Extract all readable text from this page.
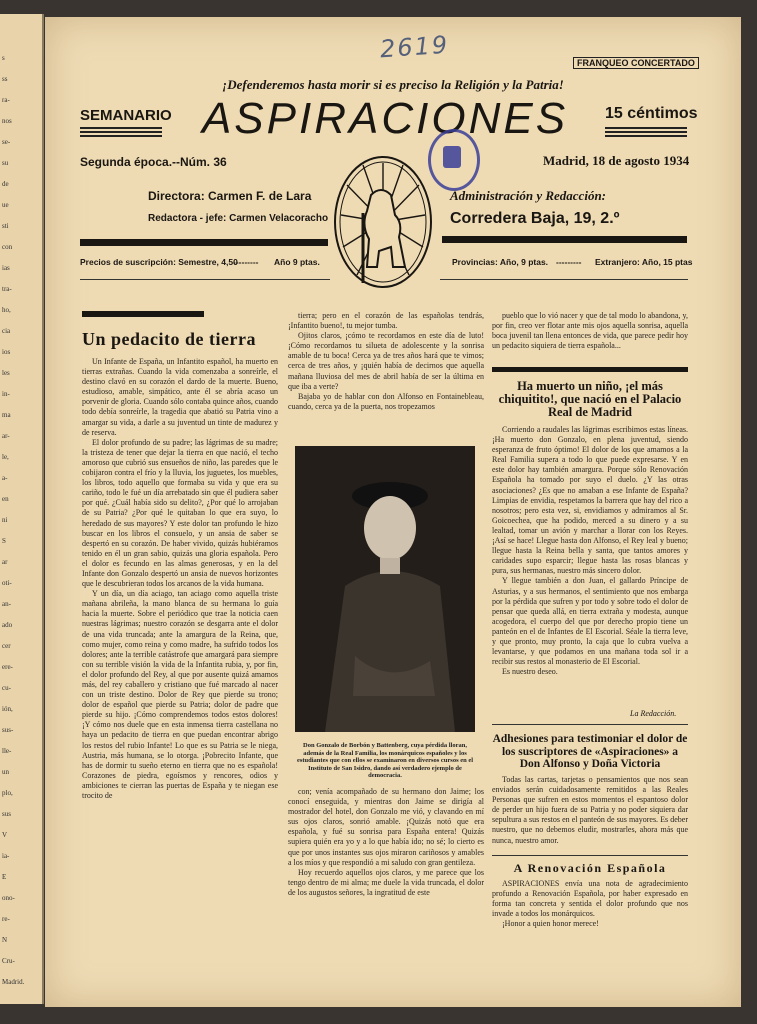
s
ss
ra-
nos
se-
su
de
ue
sti
con
ias
tra-
ho,
cia
ios
les
in-
ma
ar-
le,
a-
en
ni
S
ar
oti-
an-
ado
cer
ere-
cu-
ión,
sus-
lle-
un
plo,
sus
V
ia-
E
ono-
re-
N
Cru-
Madrid.
2619	FRANQUEO CONCERTADO
¡Defenderemos hasta morir si es preciso la Religión y la Patria!
SEMANARIO ASPIRACIONES	15 céntimos
Segunda época.--Núm. 36	Madrid, 18 de agosto 1934
Directora: Carmen F. de Lara
Redactora - jefe: Carmen Velacoracho
Administración y Redacción:
Corredera Baja, 19, 2.º
Precios de suscripción: Semestre, 4,50
--------- Año 9 ptas.	Provincias: Año, 9 ptas. --------- Extranjero: Año, 15 ptas
Un pedacito de tierra

Un Infante de España, un Infantito español, ha muerto en tierras extrañas. Cuando la vida comenzaba a sonreírle, el destino clavó en su corazón el dardo de la muerte. Bueno, estudioso, amable, simpático, ante él se abría acaso un porvenir de gloria. Cuando sólo contaba quince años, cuando todo debía sonreírle, la tragedia que abatió su Patria vino a amargar su vida, a darle a su juventud un tinte de madurez y de reserva.

El dolor profundo de su padre; las lágrimas de su madre; la tristeza de tener que dejar la tierra en que nació, el techo amoroso que cubrió sus ensueños de niño, las paredes que le cobijaron contra el frío y la lluvia, los juguetes, los muebles, los libros, todo aquello que formaba su vida y que era su cariño, todo le fué un día arrebatado sin que él pudiera saber por qué. ¿Cuál había sido su delito?, ¿Por qué lo arrojaban de su Patria? ¿Por qué le quitaban lo que era suyo, lo heredado de sus mayores? Y este dolor tan profundo le hizo buscar en los libros el consuelo, y un ansia de saber se despertó en su corazón. De haber vivido, quizás hubiéramos tenido en él un gran sabio, quizás una gloria española. Pero el dolor es fecundo en las almas generosas, y en la del Infante don Gonzalo despertó un ansia de nuevos horizontes que le descubrieran todos los arcanos de la vida humana.

Y un día, un día aciago, tan aciago como aquella triste mañana abrileña, la mano blanca de su hermana lo guía hacia la muerte. Sobre el periódico que trae la noticia caen nuestras lágrimas; nuestro corazón se desgarra ante el dolor de una vida truncada; ante la amargura de la Reina, que, como mujer, como reina y como madre, ha sufrido todos los dolores; ante la terrible catástrofe que amargará para siempre con su terrible visión la vida de la Infantita rubia, y, por fin, el dolor profundo del Rey, al que por ausente quizá amamos más, del rey caballero y cristiano que fué marcado al nacer con un triste destino. Dolor de Rey que pierde su trono; dolor de español que pierde su Patria; dolor de padre que pierde su hijo. ¡Cómo comprendemos todos estos dolores! ¡Y cómo nos duele que en esta inmensa tierra castellana no haya un pedacito de tierra en que puedan encontrar abrigo los restos del rubio Infante! Lo que es su Patria se le niega, Austria, más humana, se lo otorga. ¡Pobrecito Infante, que has de dormir tu sueño eterno en tierra que no es española! Corazones de piedra, egoísmos y rencores, odios y ambiciones te cierran las puertas de España y te niegan ese trocito de

tierra; pero en el corazón de las españolas tendrás, ¡Infantito bueno!, tu mejor tumba.

Ojitos claros, ¡cómo te recordamos en este día de luto! ¡Cómo recordamos tu silueta de adolescente y la sonrisa amable de tu boca! Cerca ya de tres años hará que te vimos; cerca de tres años, y ¡quién había de decirnos que aquella mañana lluviosa del mes de abril había de ser la última en que iba a verte?

Bajaba yo de hablar con don Alfonso en Fontainebleau, cuando, cerca ya de la puerta, nos tropezamos

Don Gonzalo de Borbón y Battenberg, cuya pérdida lloran, además de la Real Familia, los monárquicos españoles y los estudiantes que con ellos se examinaron en diversos cursos en el Instituto de San Isidro, dando así verdadero ejemplo de democracia.

con; venía acompañado de su hermano don Jaime; los conocí enseguida, y mientras don Jaime se dirigía al mostrador del hotel, don Gonzalo me vió, y clavando en mí sus ojos claros, sonrió amable. ¡Quizás notó que era española, y fué su sonrisa para España entera! Quizás supiera quién era yo y a lo que había ido; no sé; lo cierto es que por unos instantes sus ojos miraron cariñosos y amables a los míos y que respondió a mi saludo con gran gentileza.

Hoy recuerdo aquellos ojos claros, y me parece que los tengo dentro de mi alma; me duele la vida truncada, el dolor de los augustos señores, la ingratitud de este

pueblo que lo vió nacer y que de tal modo lo abandona, y, por fin, creo ver flotar ante mis ojos aquella sonrisa, aquella boca juvenil tan llena entonces de vida, que parece pedir hoy un pedacito siquiera de tierra española...

Ha muerto un niño, ¡el más chiquitito!, que nació en el Palacio Real de Madrid

Corriendo a raudales las lágrimas escribimos estas líneas. ¡Ha muerto don Gonzalo, en plena juventud, siendo esperanza de fruto óptimo! El dolor de los que amamos a la Real Familia supera a todo lo que puede expresarse. Y en este dolor hay también amargura. Porque sólo Renovación Española ha tomado por suyo el duelo. ¿Y las otras asociaciones? ¿Es que no amaban a ese Infante de España? Limpias de envidia, respetamos la barrera que hay del rico a nosotros; pero esta vez, si, envidiamos y admiramos al Sr. Goicoechea, que ha podido, merced a su dinero y a su lealtad, tomar un avión y marchar a llorar con los Reyes. ¡Así se hace! Llegue hasta don Alfonso, el Rey leal y bueno; llegue hasta la Reina bella y santa, que tantos amores y caridades supo esparcir; llegue hasta las rosas blancas y pura, sus hermanas, nuestro más sincero dolor.

Y llegue también a don Juan, el gallardo Príncipe de Asturias, y a sus hermanos, el sentimiento que nos embarga por la pérdida que sufren y por todo y sobre todo el dolor de pensar que queda allá, en tierra extraña y modesta, aunque acogedora, el cuerpo del que por derecho propio tiene un panteón en el de Infantes de El Escorial. Séale la tierra leve, y que pronto, muy pronto, la caja que lo cubra vuelva a levantarse, y que podamos en una mañana toda sol ir a recibir sus restos al monasterio de El Escorial.

Es nuestro deseo.

La Redacción.
Adhesiones para testimoniar el dolor de los suscriptores de «Aspiraciones» a Don Alfonso y Doña Victoria

Todas las cartas, tarjetas o pensamientos que nos sean enviados serán cuidadosamente remitidos a las Reales Personas que sufren en estos momentos el espantoso dolor de perder un hijo fuera de su Patria y no poder siquiera dar sepultura a sus restos en el panteón de sus mayores. Es deber nuestro, que no debemos eludir, mostrarles, ahora más que nunca, nuestro amor.

A Renovación Española

ASPIRACIONES envía una nota de agradecimiento profundo a Renovación Española, por haber expresado en forma tan concreta y sentida el dolor profundo que nos invade a todos los monárquicos.

¡Honor a quien honor merece!
